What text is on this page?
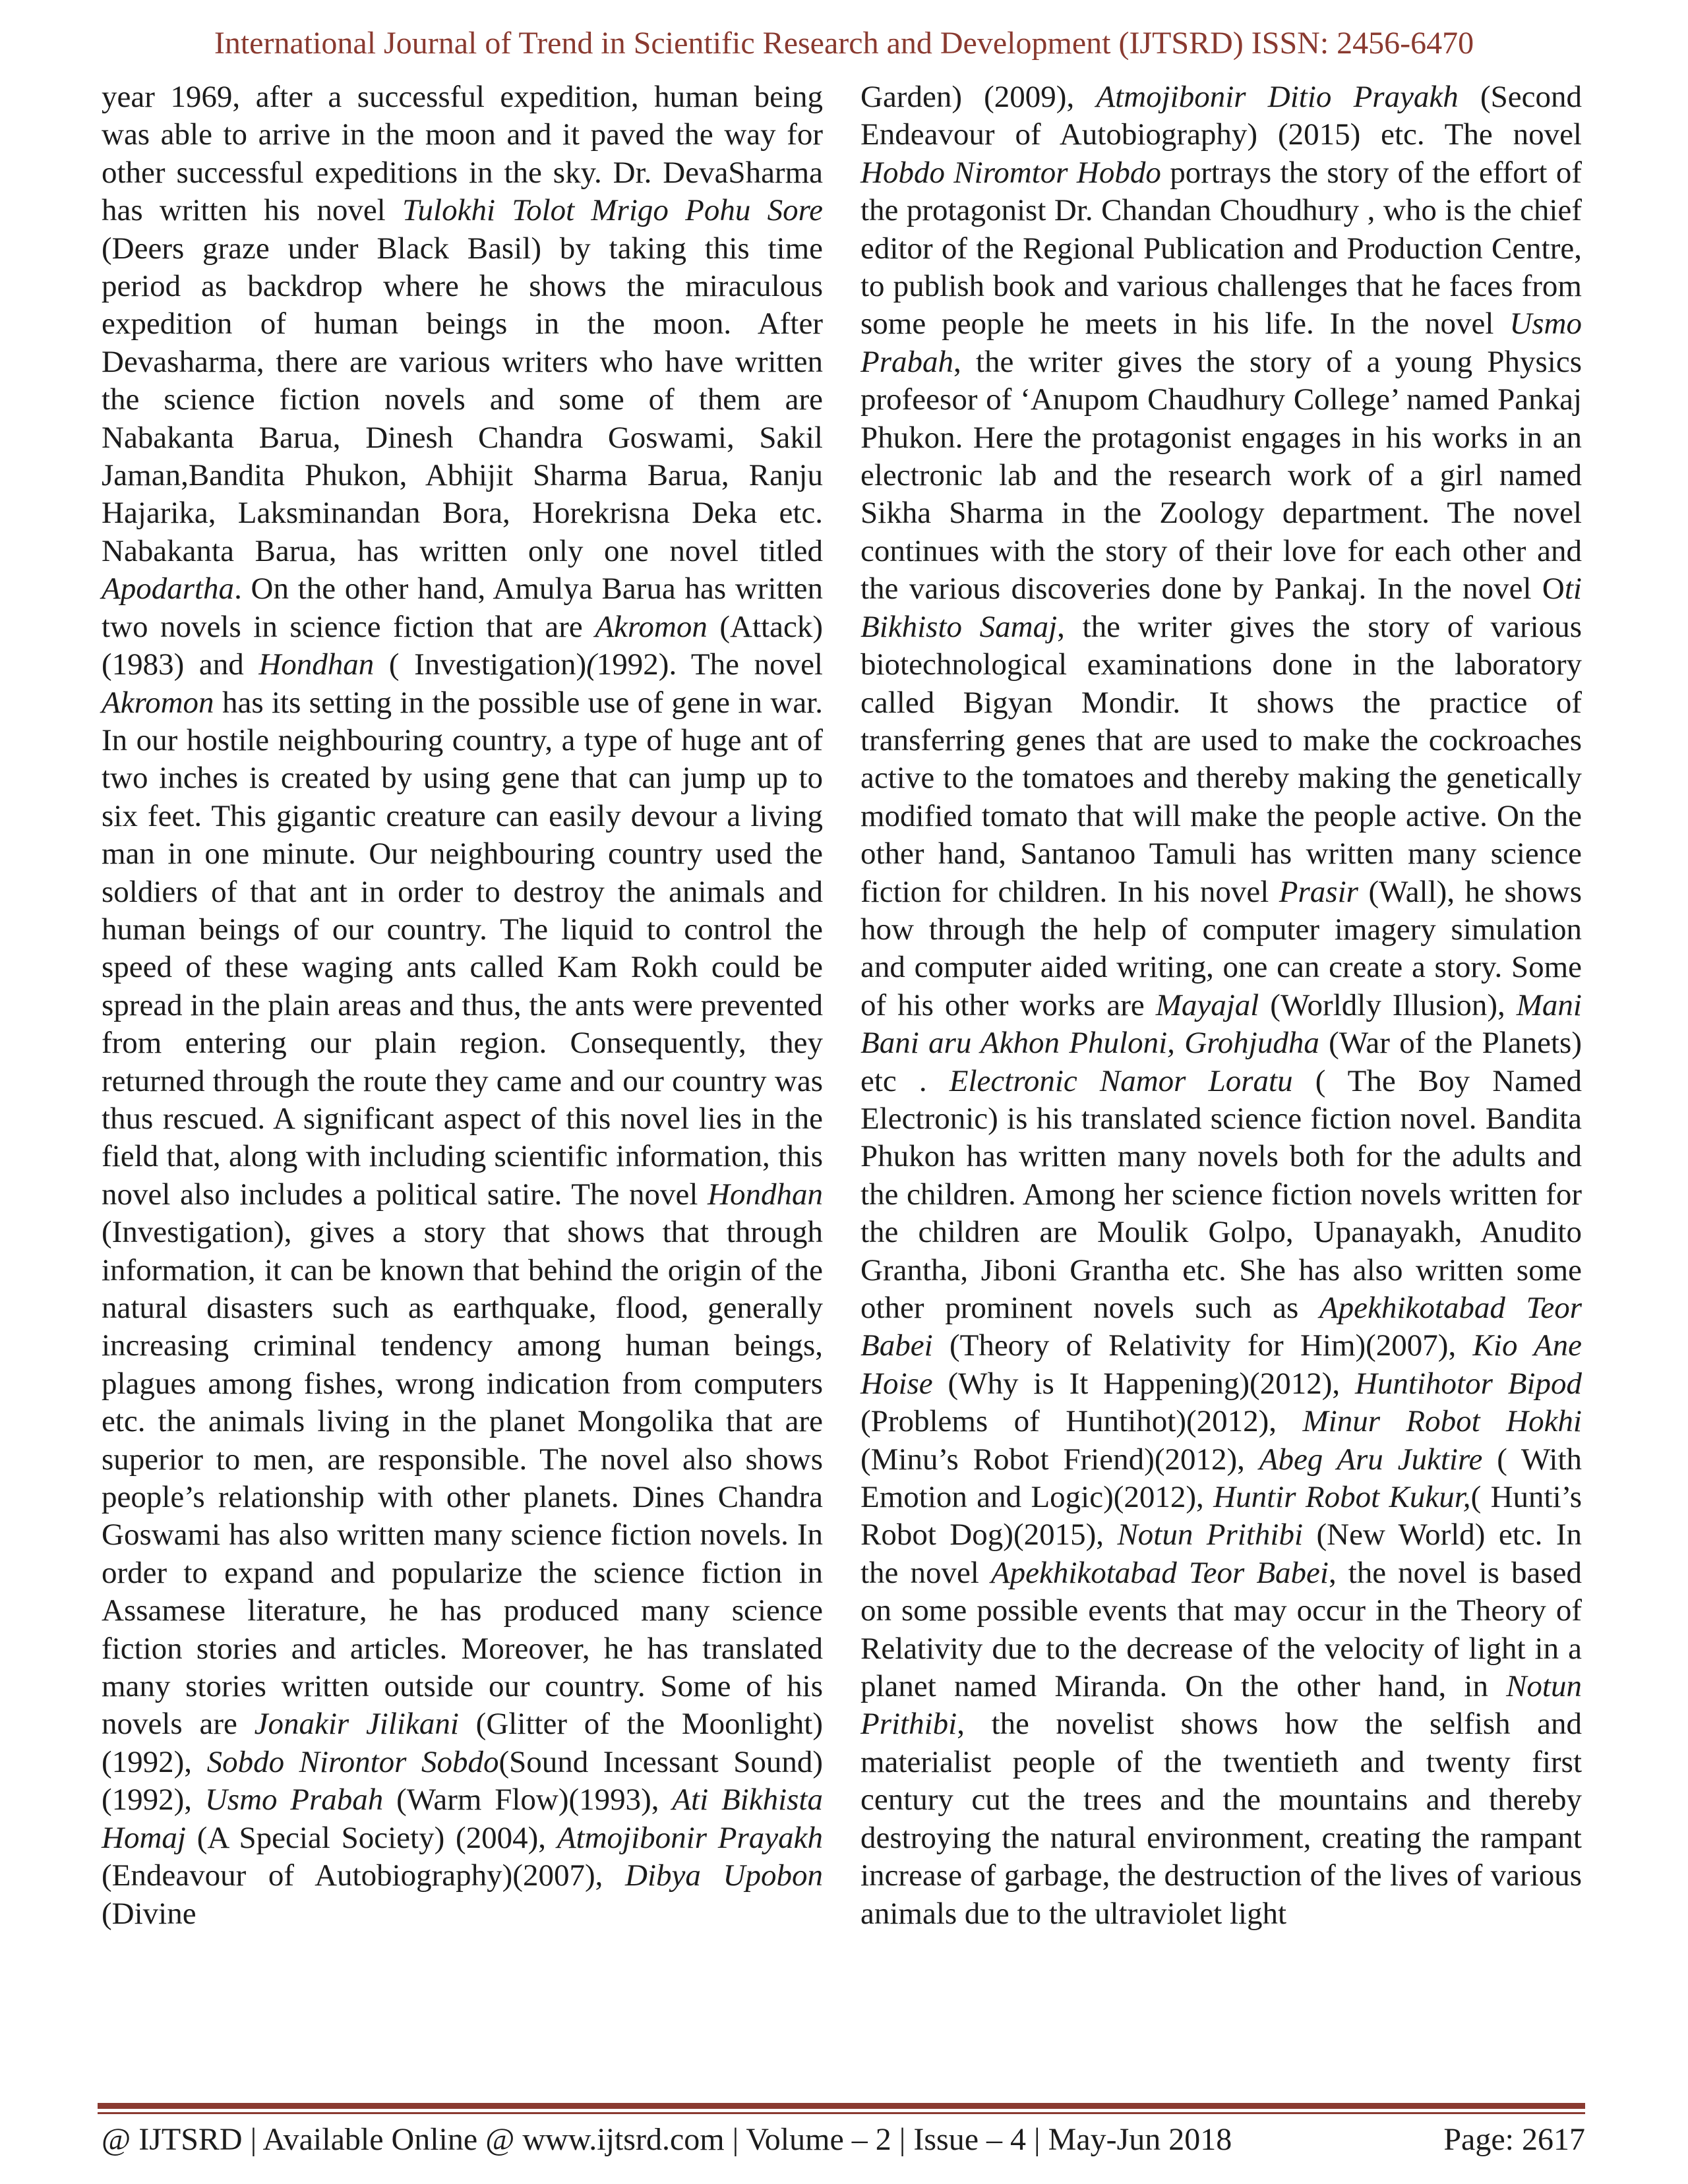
International Journal of Trend in Scientific Research and Development (IJTSRD) ISSN: 2456-6470

year 1969, after a successful expedition, human being was able to arrive in the moon and it paved the way for other successful expeditions in the sky. Dr. DevaSharma has written his novel Tulokhi Tolot Mrigo Pohu Sore (Deers graze under Black Basil) by taking this time period as backdrop where he shows the miraculous expedition of human beings in the moon. After Devasharma, there are various writers who have written the science fiction novels and some of them are Nabakanta Barua, Dinesh Chandra Goswami, Sakil Jaman,Bandita Phukon, Abhijit Sharma Barua, Ranju Hajarika, Laksminandan Bora, Horekrisna Deka etc. Nabakanta Barua, has written only one novel titled Apodartha. On the other hand, Amulya Barua has written two novels in science fiction that are Akromon (Attack) (1983) and Hondhan ( Investigation)(1992). The novel Akromon has its setting in the possible use of gene in war. In our hostile neighbouring country, a type of huge ant of two inches is created by using gene that can jump up to six feet. This gigantic creature can easily devour a living man in one minute. Our neighbouring country used the soldiers of that ant in order to destroy the animals and human beings of our country. The liquid to control the speed of these waging ants called Kam Rokh could be spread in the plain areas and thus, the ants were prevented from entering our plain region. Consequently, they returned through the route they came and our country was thus rescued. A significant aspect of this novel lies in the field that, along with including scientific information, this novel also includes a political satire. The novel Hondhan (Investigation), gives a story that shows that through information, it can be known that behind the origin of the natural disasters such as earthquake, flood, generally increasing criminal tendency among human beings, plagues among fishes, wrong indication from computers etc. the animals living in the planet Mongolika that are superior to men, are responsible. The novel also shows people’s relationship with other planets. Dines Chandra Goswami has also written many science fiction novels. In order to expand and popularize the science fiction in Assamese literature, he has produced many science fiction stories and articles. Moreover, he has translated many stories written outside our country. Some of his novels are Jonakir Jilikani (Glitter of the Moonlight)(1992), Sobdo Nirontor Sobdo(Sound Incessant Sound)(1992), Usmo Prabah (Warm Flow)(1993), Ati Bikhista Homaj (A Special Society) (2004), Atmojibonir Prayakh (Endeavour of Autobiography)(2007), Dibya Upobon (Divine

Garden) (2009), Atmojibonir Ditio Prayakh (Second Endeavour of Autobiography) (2015) etc. The novel Hobdo Niromtor Hobdo portrays the story of the effort of the protagonist Dr. Chandan Choudhury , who is the chief editor of the Regional Publication and Production Centre, to publish book and various challenges that he faces from some people he meets in his life. In the novel Usmo Prabah, the writer gives the story of a young Physics profeesor of ‘Anupom Chaudhury College’ named Pankaj Phukon. Here the protagonist engages in his works in an electronic lab and the research work of a girl named Sikha Sharma in the Zoology department. The novel continues with the story of their love for each other and the various discoveries done by Pankaj. In the novel Oti Bikhisto Samaj, the writer gives the story of various biotechnological examinations done in the laboratory called Bigyan Mondir. It shows the practice of transferring genes that are used to make the cockroaches active to the tomatoes and thereby making the genetically modified tomato that will make the people active. On the other hand, Santanoo Tamuli has written many science fiction for children. In his novel Prasir (Wall), he shows how through the help of computer imagery simulation and computer aided writing, one can create a story. Some of his other works are Mayajal (Worldly Illusion), Mani Bani aru Akhon Phuloni, Grohjudha (War of the Planets) etc . Electronic Namor Loratu ( The Boy Named Electronic) is his translated science fiction novel. Bandita Phukon has written many novels both for the adults and the children. Among her science fiction novels written for the children are Moulik Golpo, Upanayakh, Anudito Grantha, Jiboni Grantha etc. She has also written some other prominent novels such as Apekhikotabad Teor Babei (Theory of Relativity for Him)(2007), Kio Ane Hoise (Why is It Happening)(2012), Huntihotor Bipod (Problems of Huntihot)(2012), Minur Robot Hokhi (Minu’s Robot Friend)(2012), Abeg Aru Juktire ( With Emotion and Logic)(2012), Huntir Robot Kukur,( Hunti’s Robot Dog)(2015), Notun Prithibi (New World) etc. In the novel Apekhikotabad Teor Babei, the novel is based on some possible events that may occur in the Theory of Relativity due to the decrease of the velocity of light in a planet named Miranda. On the other hand, in Notun Prithibi, the novelist shows how the selfish and materialist people of the twentieth and twenty first century cut the trees and the mountains and thereby destroying the natural environment, creating the rampant increase of garbage, the destruction of the lives of various animals due to the ultraviolet light

@ IJTSRD | Available Online @ www.ijtsrd.com | Volume – 2 | Issue – 4 | May-Jun 2018	Page: 2617
